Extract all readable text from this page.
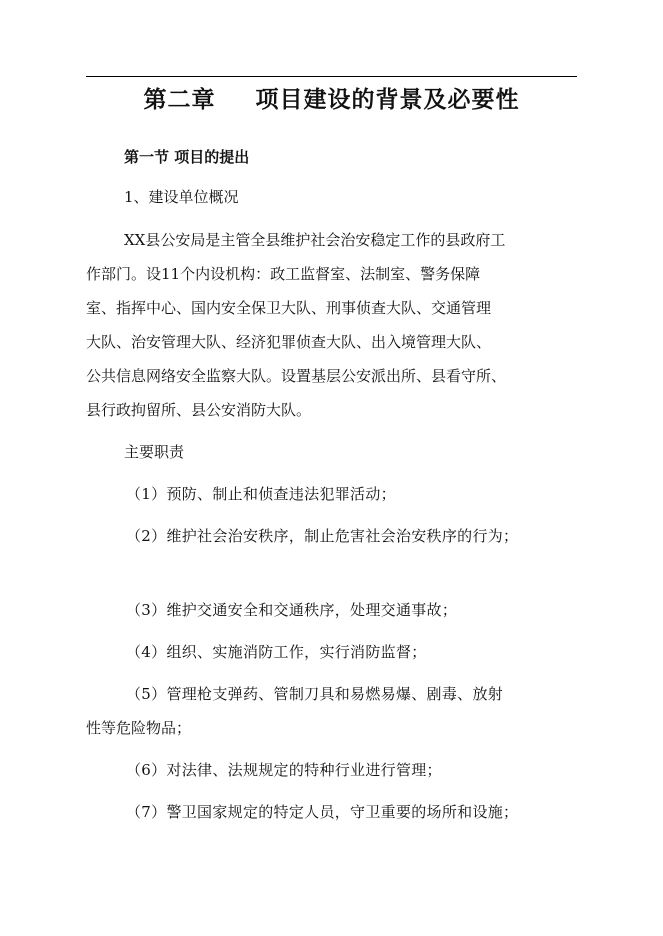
第二章 项目建设的背景及必要性
第一节 项目的提出
1、建设单位概况
XX县公安局是主管全县维护社会治安稳定工作的县政府工
作部门。设11个内设机构：政工监督室、法制室、警务保障
室、指挥中心、国内安全保卫大队、刑事侦查大队、交通管理
大队、治安管理大队、经济犯罪侦查大队、出入境管理大队、
公共信息网络安全监察大队。设置基层公安派出所、县看守所、
县行政拘留所、县公安消防大队。
主要职责
（1）预防、制止和侦查违法犯罪活动；
（2）维护社会治安秩序，制止危害社会治安秩序的行为；
（3）维护交通安全和交通秩序，处理交通事故；
（4）组织、实施消防工作，实行消防监督；
（5）管理枪支弹药、管制刀具和易燃易爆、剧毒、放射
性等危险物品；
（6）对法律、法规规定的特种行业进行管理；
（7）警卫国家规定的特定人员，守卫重要的场所和设施；
